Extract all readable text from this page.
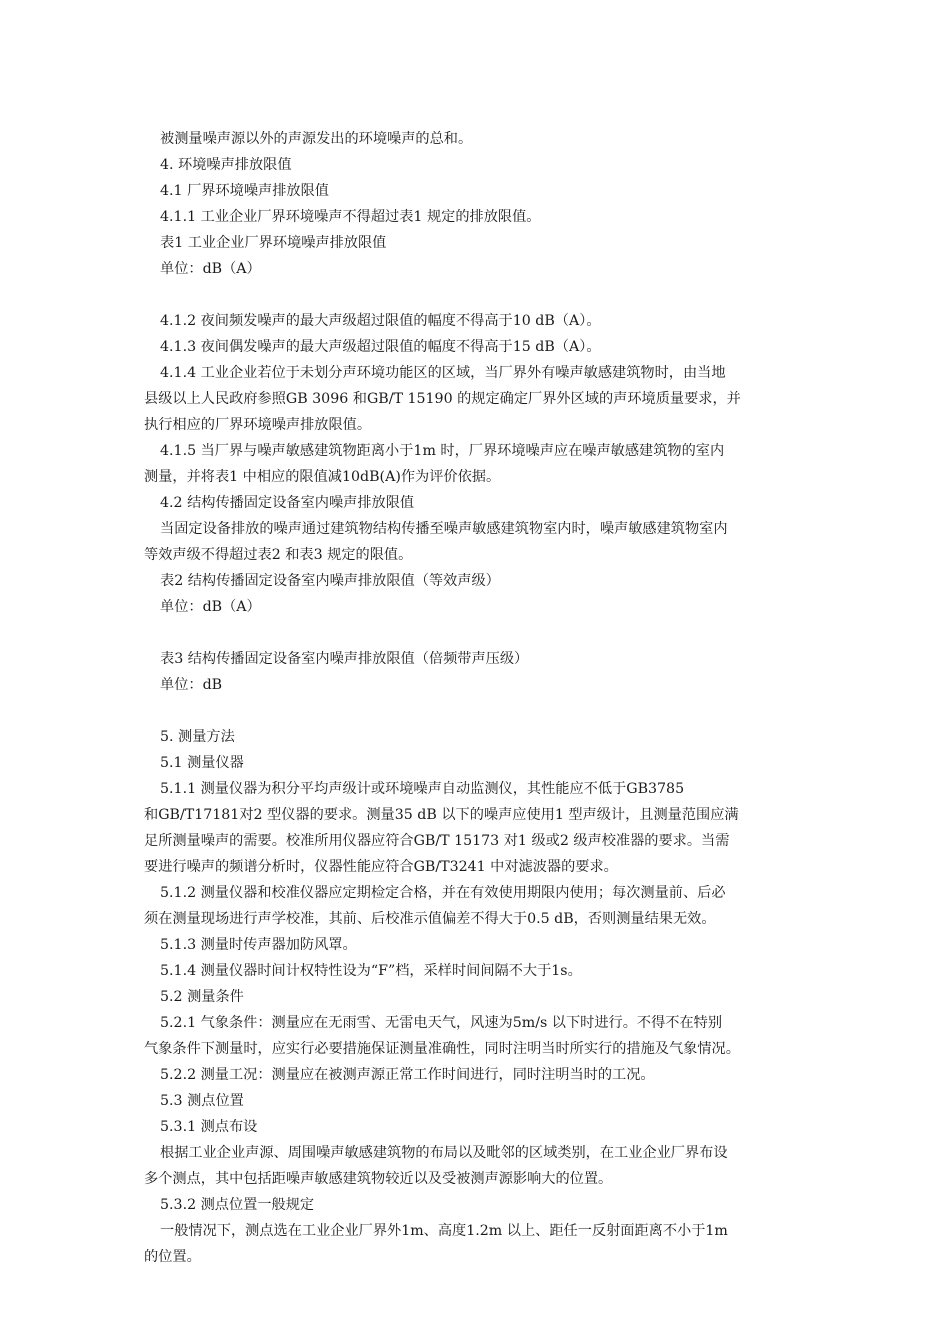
被测量噪声源以外的声源发出的环境噪声的总和。
4. 环境噪声排放限值
4.1 厂界环境噪声排放限值
4.1.1 工业企业厂界环境噪声不得超过表1 规定的排放限值。
表1 工业企业厂界环境噪声排放限值
单位：dB（A）
4.1.2 夜间频发噪声的最大声级超过限值的幅度不得高于10 dB（A）。
4.1.3 夜间偶发噪声的最大声级超过限值的幅度不得高于15 dB（A）。
4.1.4 工业企业若位于未划分声环境功能区的区域，当厂界外有噪声敏感建筑物时，由当地
县级以上人民政府参照GB 3096 和GB/T 15190 的规定确定厂界外区域的声环境质量要求，并
执行相应的厂界环境噪声排放限值。
4.1.5 当厂界与噪声敏感建筑物距离小于1m 时，厂界环境噪声应在噪声敏感建筑物的室内
测量，并将表1 中相应的限值减10dB(A)作为评价依据。
4.2 结构传播固定设备室内噪声排放限值
当固定设备排放的噪声通过建筑物结构传播至噪声敏感建筑物室内时，噪声敏感建筑物室内
等效声级不得超过表2 和表3 规定的限值。
表2 结构传播固定设备室内噪声排放限值（等效声级）
单位：dB（A）
表3 结构传播固定设备室内噪声排放限值（倍频带声压级）
单位：dB
5. 测量方法
5.1 测量仪器
5.1.1 测量仪器为积分平均声级计或环境噪声自动监测仪，其性能应不低于GB3785
和GB/T17181对2 型仪器的要求。测量35 dB 以下的噪声应使用1 型声级计，且测量范围应满
足所测量噪声的需要。校准所用仪器应符合GB/T 15173 对1 级或2 级声校准器的要求。当需
要进行噪声的频谱分析时，仪器性能应符合GB/T3241 中对滤波器的要求。
5.1.2 测量仪器和校准仪器应定期检定合格，并在有效使用期限内使用；每次测量前、后必
须在测量现场进行声学校准，其前、后校准示值偏差不得大于0.5 dB，否则测量结果无效。
5.1.3 测量时传声器加防风罩。
5.1.4 测量仪器时间计权特性设为“F”档，采样时间间隔不大于1s。
5.2 测量条件
5.2.1 气象条件：测量应在无雨雪、无雷电天气，风速为5m/s 以下时进行。不得不在特别
气象条件下测量时，应实行必要措施保证测量准确性，同时注明当时所实行的措施及气象情况。
5.2.2 测量工况：测量应在被测声源正常工作时间进行，同时注明当时的工况。
5.3 测点位置
5.3.1 测点布设
根据工业企业声源、周围噪声敏感建筑物的布局以及毗邻的区域类别，在工业企业厂界布设
多个测点，其中包括距噪声敏感建筑物较近以及受被测声源影响大的位置。
5.3.2 测点位置一般规定
一般情况下，测点选在工业企业厂界外1m、高度1.2m 以上、距任一反射面距离不小于1m
的位置。
